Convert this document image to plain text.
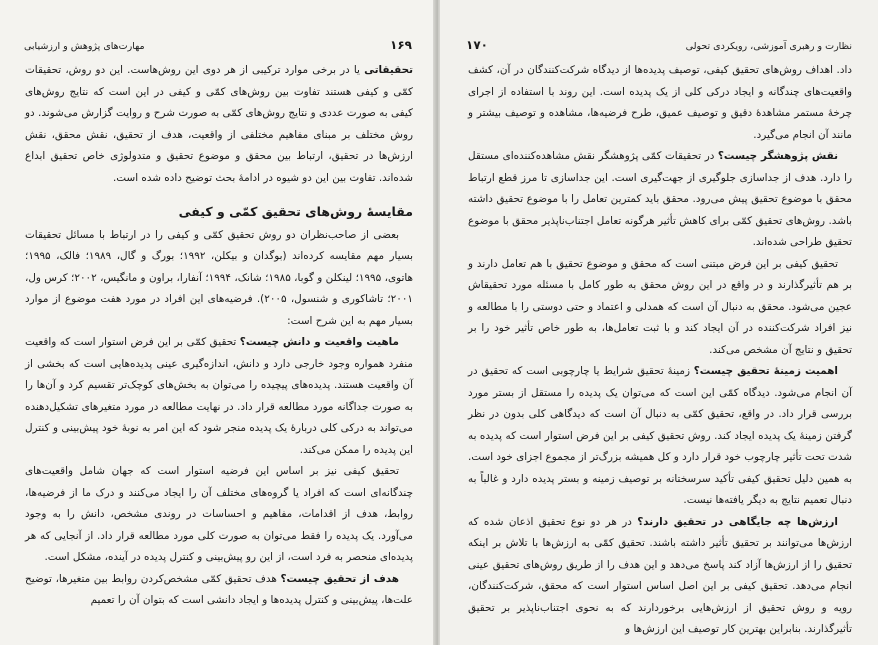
۱۶۹
مهارت‌های پژوهش و ارزشیابی

تحقیقاتی یا در برخی موارد ترکیبی از هر دوی این روش‌هاست. این دو روش، تحقیقات کمّی و کیفی هستند تفاوت بین روش‌های کمّی و کیفی در این است که نتایج روش‌های کیفی به صورت عددی و نتایج روش‌های کمّی به صورت شرح و روایت گزارش می‌شوند. دو روش مختلف بر مبنای مفاهیم مختلفی از واقعیت، هدف از تحقیق، نقش محقق، نقش ارزش‌ها در تحقیق، ارتباط بین محقق و موضوع تحقیق و متدولوژی خاص تحقیق ابداع شده‌اند. تفاوت بین این دو شیوه در ادامۀ بحث توضیح داده شده است.

مقایسۀ روش‌های تحقیق کمّی و کیفی

بعضی از صاحب‌نظران دو روش تحقیق کمّی و کیفی را در ارتباط با مسائل تحقیقات بسیار مهم مقایسه کرده‌اند (بوگدان و بیکلن، ۱۹۹۲؛ بورگ و گال، ۱۹۸۹؛ فالک، ۱۹۹۵؛ هاتوی، ۱۹۹۵؛ لینکلن و گوبا، ۱۹۸۵؛ شانک، ۱۹۹۴؛ آنفارا، براون و مانگیس، ۲۰۰۲؛ کرس ول، ۲۰۰۱؛ تاشاکوری و شنسول، ۲۰۰۵). فرضیه‌های این افراد در مورد هفت موضوع از موارد بسیار مهم به این شرح است:

ماهیت واقعیت و دانش چیست؟ تحقیق کمّی بر این فرض استوار است که واقعیت منفرد همواره وجود خارجی دارد و دانش، اندازه‌گیری عینی پدیده‌هایی است که بخشی از آن واقعیت هستند. پدیده‌های پیچیده را می‌توان به بخش‌های کوچک‌تر تقسیم کرد و آن‌ها را به صورت جداگانه مورد مطالعه قرار داد. در نهایت مطالعه در مورد متغیرهای تشکیل‌دهنده می‌تواند به درکی کلی دربارۀ یک پدیده منجر شود که این امر به نوبۀ خود پیش‌بینی و کنترل این پدیده را ممکن می‌کند.

تحقیق کیفی نیز بر اساس این فرضیه استوار است که جهان شامل واقعیت‌های چندگانه‌ای است که افراد یا گروه‌های مختلف آن را ایجاد می‌کنند و درک ما از فرضیه‌ها، روابط، هدف از اقدامات، مفاهیم و احساسات در روندی مشخص، دانش را به وجود می‌آورد. یک پدیده را فقط می‌توان به صورت کلی مورد مطالعه قرار داد. از آنجایی که هر پدیده‌ای منحصر به فرد است، از این رو پیش‌بینی و کنترل پدیده در آینده، مشکل است.

هدف از تحقیق چیست؟ هدف تحقیق کمّی مشخص‌کردن روابط بین متغیرها، توضیح علت‌ها، پیش‌بینی و کنترل پدیده‌ها و ایجاد دانشی است که بتوان آن را تعمیم

نظارت و رهبری آموزشی، رویکردی تحولی
۱۷۰

داد. اهداف روش‌های تحقیق کیفی، توصیف پدیده‌ها از دیدگاه شرکت‌کنندگان در آن، کشف واقعیت‌های چندگانه و ایجاد درکی کلی از یک پدیده است. این روند با استفاده از اجرای چرخۀ مستمر مشاهدۀ دقیق و توصیف عمیق، طرح فرضیه‌ها، مشاهده و توصیف بیشتر و مانند آن انجام می‌گیرد.

نقش پژوهشگر چیست؟ در تحقیقات کمّی پژوهشگر نقش مشاهده‌کننده‌ای مستقل را دارد. هدف از جداسازی جلوگیری از جهت‌گیری است. این جداسازی تا مرز قطع ارتباط محقق با موضوع تحقیق پیش می‌رود. محقق باید کمترین تعامل را با موضوع تحقیق داشته باشد. روش‌های تحقیق کمّی برای کاهش تأثیر هرگونه تعامل اجتناب‌ناپذیر محقق با موضوع تحقیق طراحی شده‌اند.

تحقیق کیفی بر این فرض مبتنی است که محقق و موضوع تحقیق با هم تعامل دارند و بر هم تأثیرگذارند و در واقع در این روش محقق به طور کامل با مسئله مورد تحقیقاش عجین می‌شود. محقق به دنبال آن است که همدلی و اعتماد و حتی دوستی را با مطالعه و نیز افراد شرکت‌کننده در آن ایجاد کند و با ثبت تعامل‌ها، به طور خاص تأثیر خود را بر تحقیق و نتایج آن مشخص می‌کند.

اهمیت زمینۀ تحقیق چیست؟ زمینۀ تحقیق شرایط یا چارچوبی است که تحقیق در آن انجام می‌شود. دیدگاه کمّی این است که می‌توان یک پدیده را مستقل از بستر مورد بررسی قرار داد. در واقع، تحقیق کمّی به دنبال آن است که دیدگاهی کلی بدون در نظر گرفتن زمینۀ یک پدیده ایجاد کند. روش تحقیق کیفی بر این فرض استوار است که پدیده به شدت تحت تأثیر چارچوب خود قرار دارد و کل همیشه بزرگ‌تر از مجموع اجزای خود است. به همین دلیل تحقیق کیفی تأکید سرسختانه بر توصیف زمینه و بستر پدیده دارد و غالباً به دنبال تعمیم نتایج به دیگر یافته‌ها نیست.

ارزش‌ها چه جایگاهی در تحقیق دارند؟ در هر دو نوع تحقیق اذعان شده که ارزش‌ها می‌توانند بر تحقیق تأثیر داشته باشند. تحقیق کمّی به ارزش‌ها با تلاش بر اینکه تحقیق را از ارزش‌ها آزاد کند پاسخ می‌دهد و این هدف را از طریق روش‌های تحقیق عینی انجام می‌دهد. تحقیق کیفی بر این اصل اساس استوار است که محقق، شرکت‌کنندگان، رویه و روش تحقیق از ارزش‌هایی برخوردارند که به نحوی اجتناب‌ناپذیر بر تحقیق تأثیرگذارند. بنابراین بهترین کار توصیف این ارزش‌ها و
